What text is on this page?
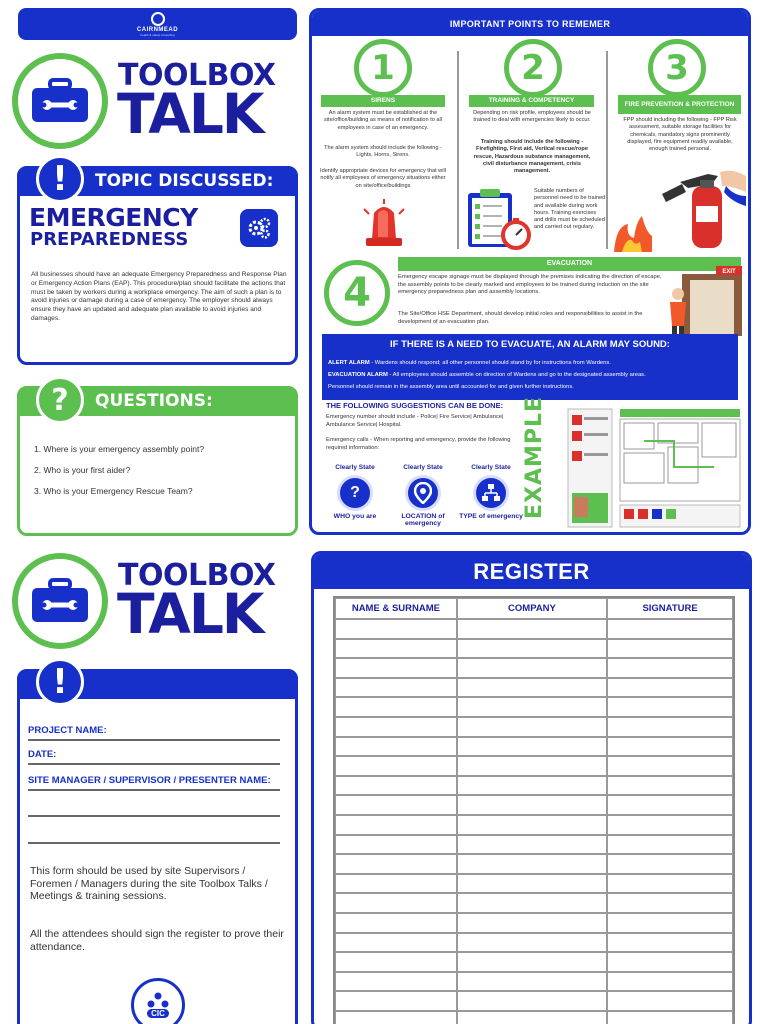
CAIRNMEAD
health & safety consulting
TOOLBOX
TALK
TOPIC DISCUSSED:
!
EMERGENCY
PREPAREDNESS
All businesses should have an adequate Emergency Preparedness and Response Plan or Emergency Action Plans (EAP). This procedure/plan should facilitate the actions that must be taken by workers during a workplace emergency. The aim of such a plan is to avoid injuries or damage during a case of emergency. The employer should always ensure they have an updated and adequate plan available to avoid injuries and damages.
QUESTIONS:
?
1. Where is your emergency assembly point?
2. Who is your first aider?
3. Who is your Emergency Rescue Team?
IMPORTANT POINTS TO REMEMER
1
SIRENS
An alarm system must be established at the site/office/building as means of notification to all employees in case of an emergency.
The alarm system should include the following - Lights, Horns, Sirens.
Identify appropriate devices for emergency that will notify all employees of emergency situations either on site/office/buildings
2
TRAINING & COMPETENCY
Depending on risk profile, employees should be trained to deal with emergencies likely to occur.
Training should include the following - Firefighting, First aid, Vertical rescue/rope rescue, Hazardous substance management, civil disturbance management, crisis management.
Suitable numbers of personnel need to be trained and available during work hours. Training exercises and drills must be scheduled and carried out regulary.
3
FIRE PREVENTION & PROTECTION
FPP should including the following - FPP Risk assessment, suitable storage facilities for chemicals, mandatory signs prominently displayed, fire equipment readily available, enough trained personal.
4
EVACUATION
Emergency escape signage must be displayed through the premises indicating the direction of escape, the assembly points to be clearly marked and employees to be trained during induction on the site emergency preparedness plan and assembly locations.
The Site/Office HSE Department, should develop initial roles and responsibilities to assist in the development of an evacuation plan.
EXIT
IF THERE IS A NEED TO EVACUATE, AN ALARM MAY SOUND:
ALERT ALARM - Wardens should respond; all other personnel should stand by for instructions from Wardens.
EVACUATION ALARM - All employees should assemble on direction of Wardens and go to the designated assembly areas.
Personnel should remain in the assembly area until accounted for and given further instructions.
THE FOLLOWING SUGGESTIONS CAN BE DONE:
Emergency number should include - Police| Fire Service| Ambulance| Ambulance Service| Hospital.
Emergency calls - When reporting and emergency, provide the following required information:
Clearly State
?
WHO you are
Clearly State
LOCATION of emergency
Clearly State
TYPE of emergency EXAMPLE
TOOLBOX
TALK
!
PROJECT NAME:
DATE:
SITE MANAGER / SUPERVISOR / PRESENTER NAME:
This form should be used by site Supervisors / Foremen / Managers during the site Toolbox Talks / Meetings & training sessions.
All the attendees should sign the register to prove their attendance.
CIC
REGISTER
NAME & SURNAME	COMPANY	SIGNATURE
